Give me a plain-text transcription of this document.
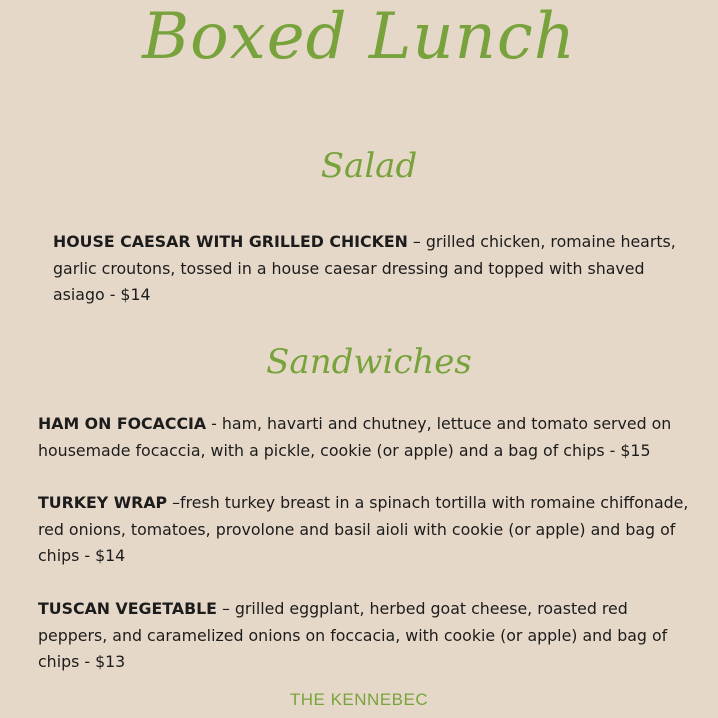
Boxed Lunch
Salad
HOUSE CAESAR WITH GRILLED CHICKEN – grilled chicken, romaine hearts, garlic croutons, tossed in a house caesar dressing and topped with shaved asiago - $14
Sandwiches
HAM ON FOCACCIA - ham, havarti and chutney, lettuce and tomato served on housemade focaccia, with a pickle, cookie (or apple) and a bag of chips - $15
TURKEY WRAP –fresh turkey breast in a spinach tortilla with romaine chiffonade, red onions, tomatoes, provolone and basil aioli with cookie (or apple) and bag of chips - $14
TUSCAN VEGETABLE – grilled eggplant, herbed goat cheese, roasted red peppers, and caramelized onions on foccacia, with cookie (or apple) and bag of chips - $13
THE KENNEBEC
